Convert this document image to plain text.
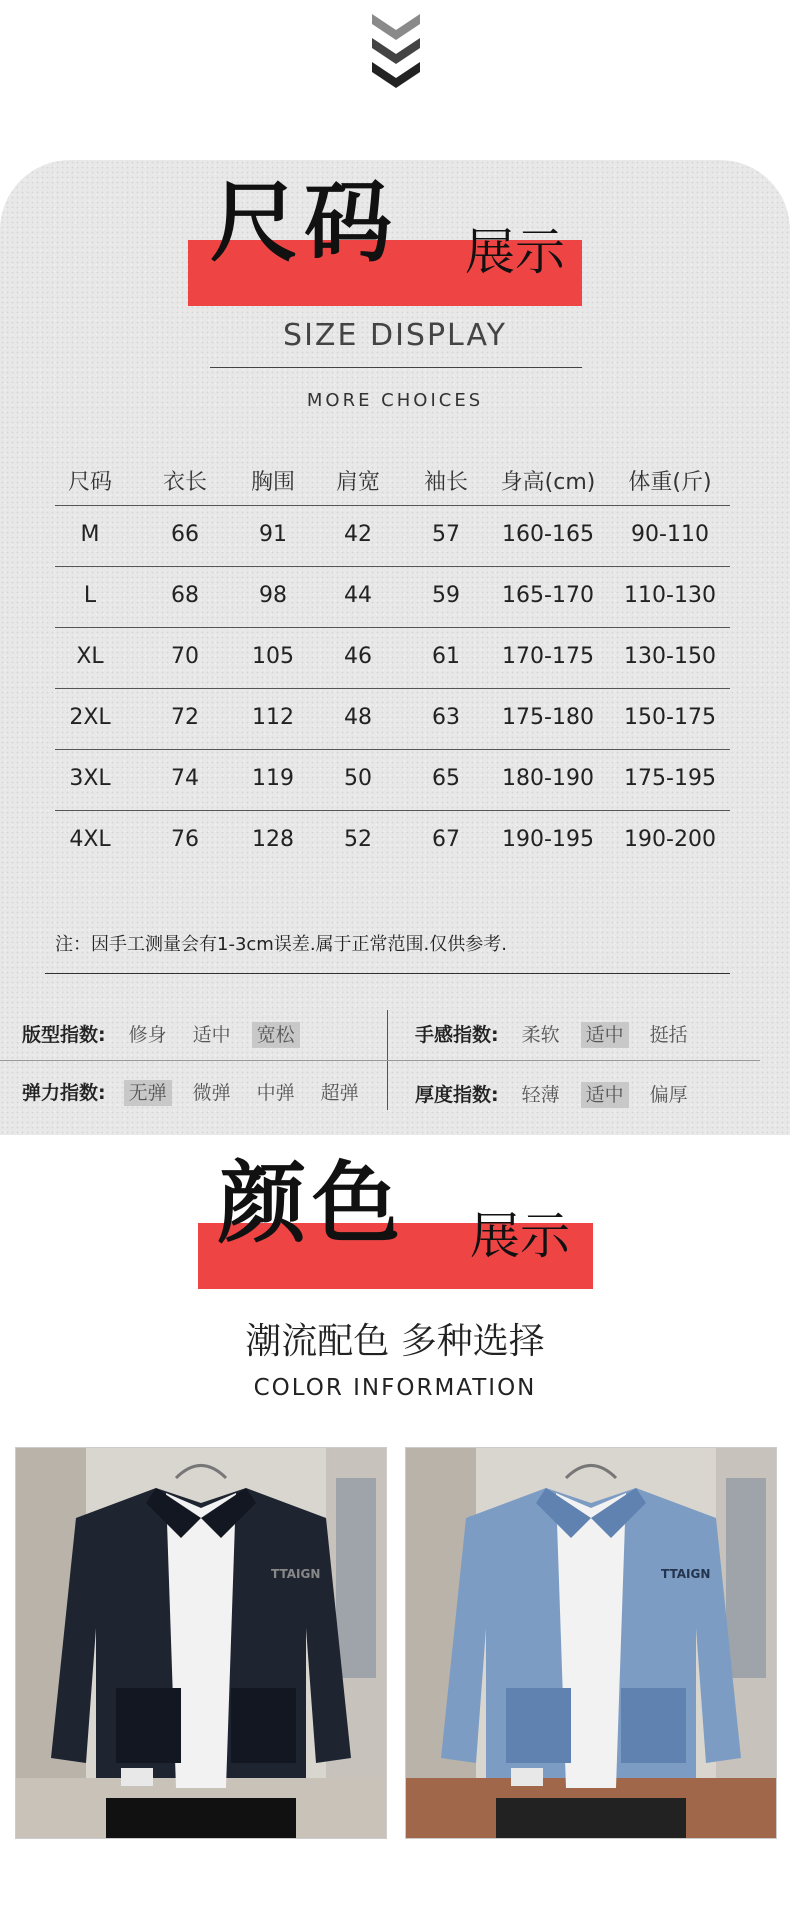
尺码 展示
SIZE DISPLAY
MORE CHOICES
尺码	衣长	胸围	肩宽	袖长	身高(cm)	体重(斤)
M	66	91	42	57	160-165	90-110
L	68	98	44	59	165-170	110-130
XL	70	105	46	61	170-175	130-150
2XL	72	112	48	63	175-180	150-175
3XL	74	119	50	65	180-190	175-195
4XL	76	128	52	67	190-195	190-200
注：因手工测量会有1-3cm误差.属于正常范围.仅供参考.
版型指数: 修身 适中 宽松	手感指数: 柔软 适中 挺括
弹力指数: 无弹 微弹 中弹 超弹	厚度指数: 轻薄 适中 偏厚
颜色 展示
潮流配色 多种选择
COLOR INFORMATION
TTAIGN	TTAIGN
